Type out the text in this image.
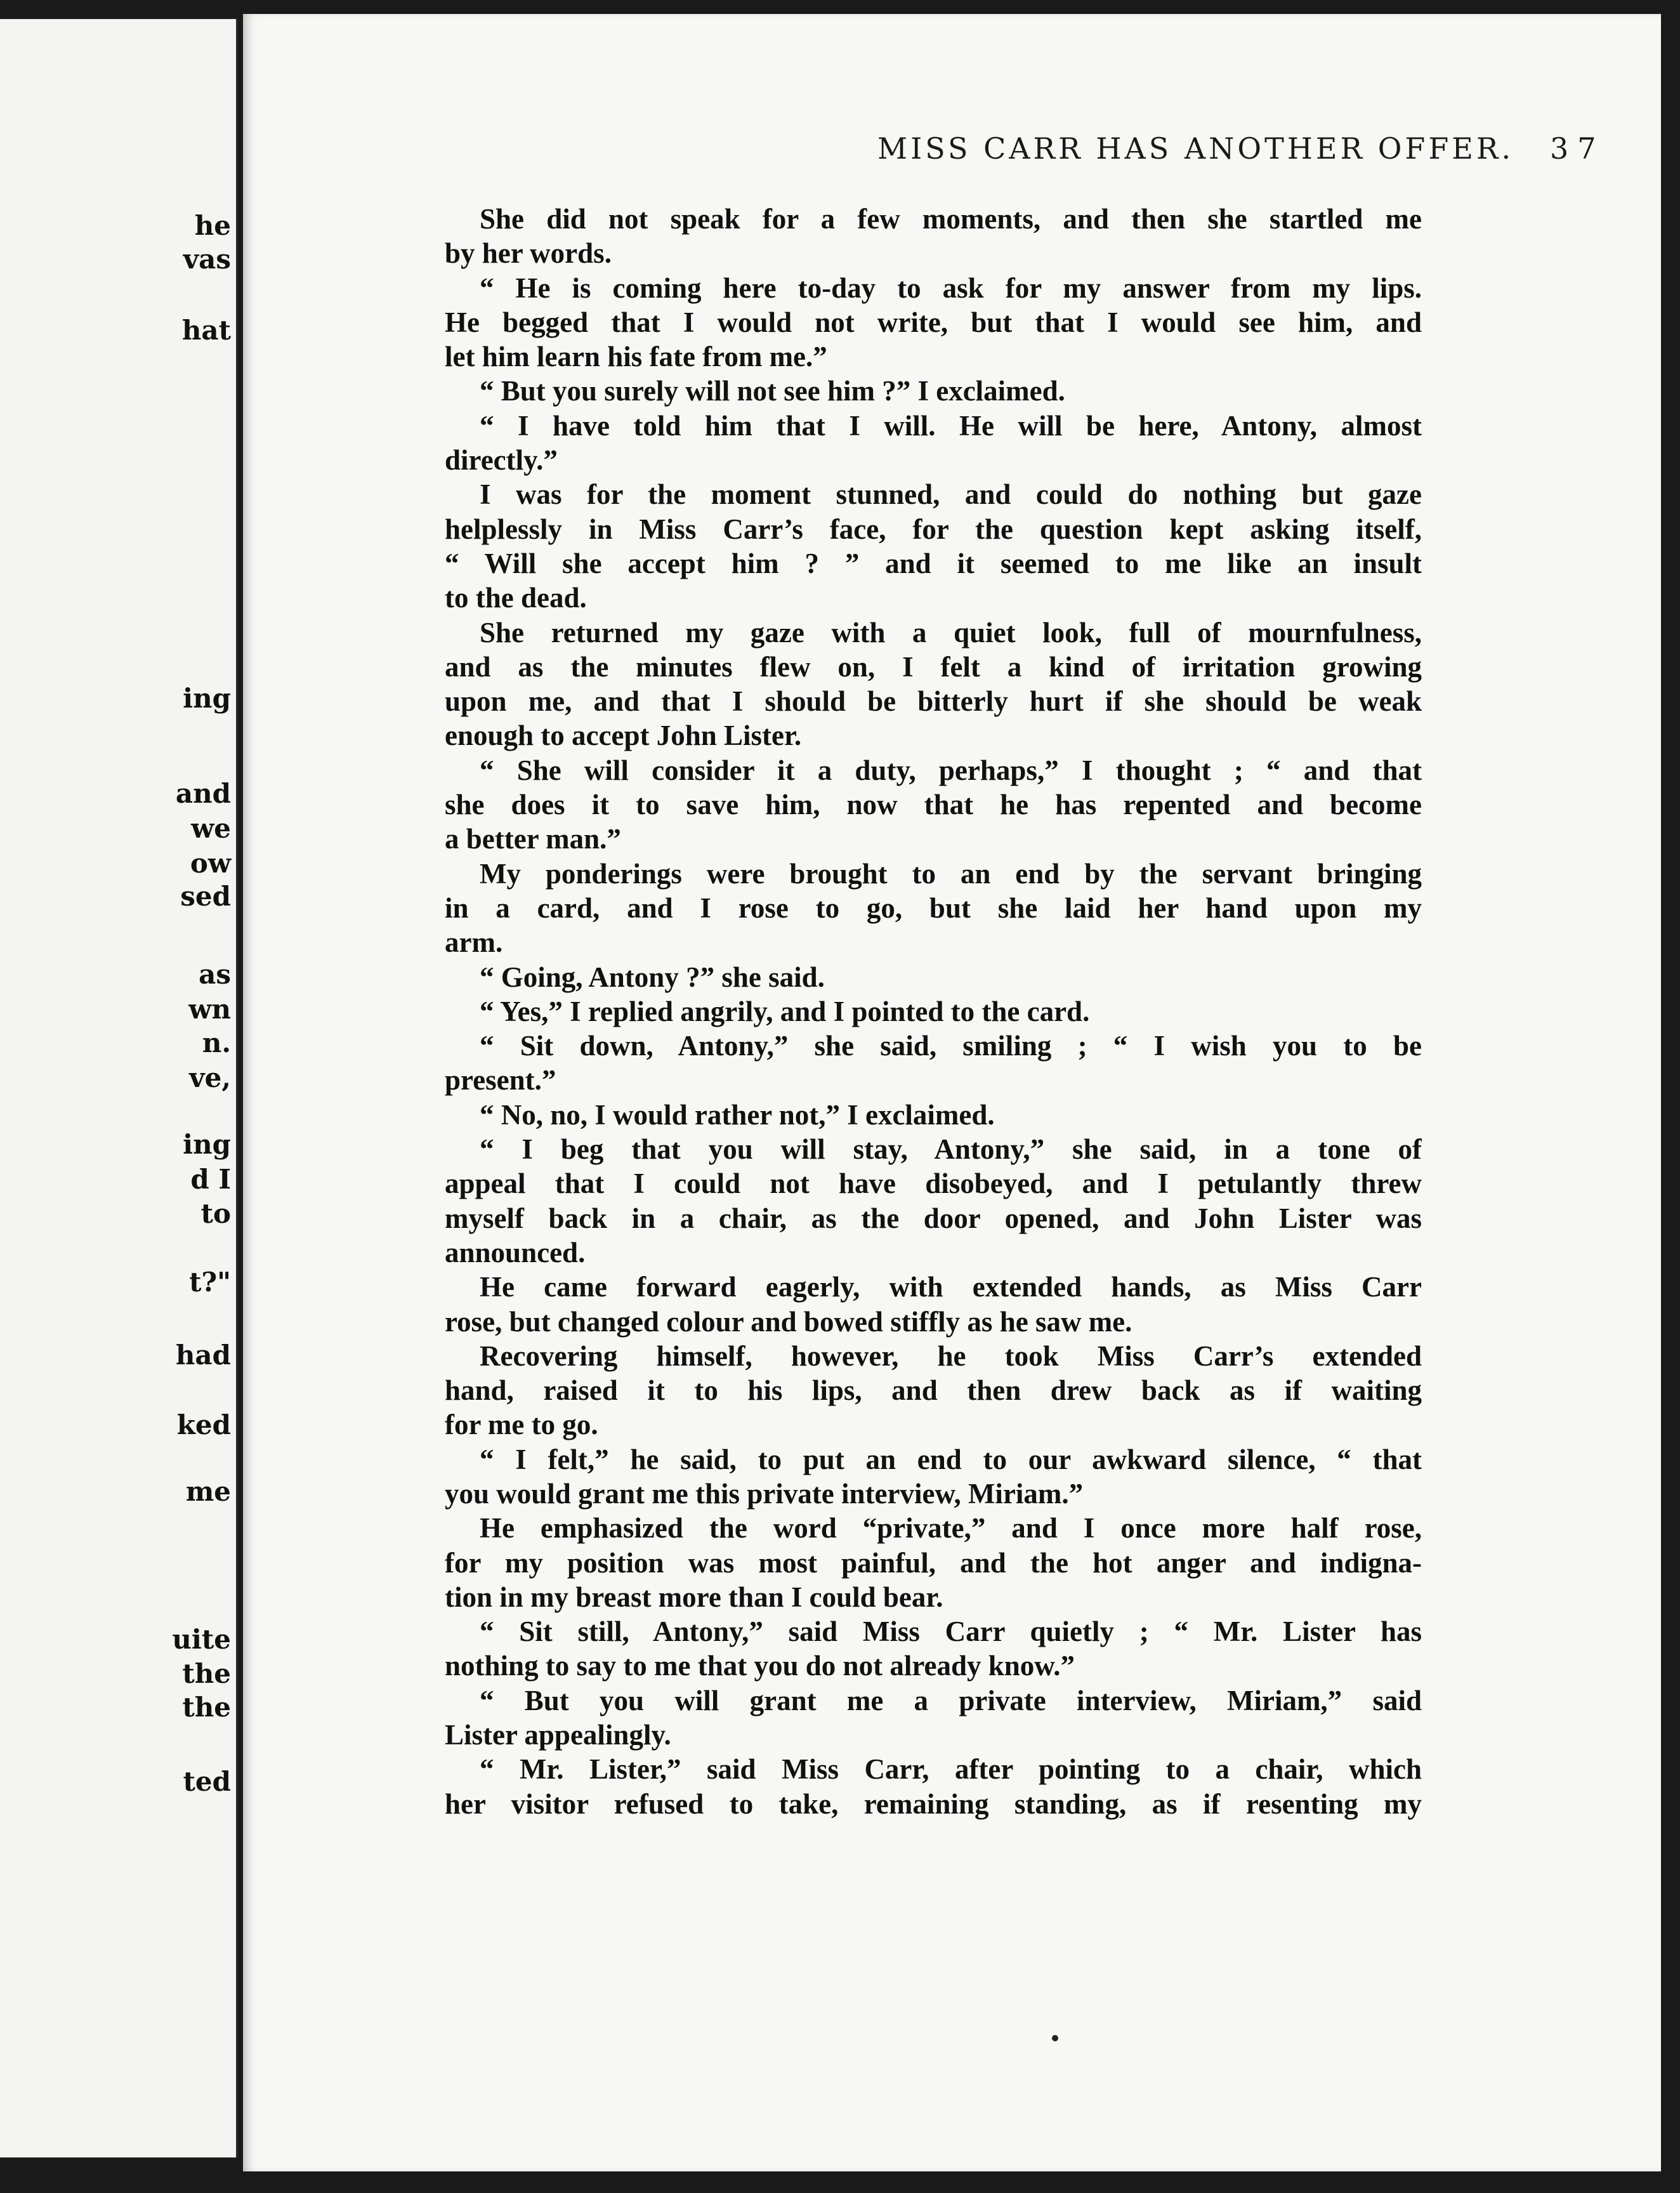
he
vas
hat
ing
and
we
ow
sed
as
wn
n.
ve,
ing
d I
to
t?"
had
ked
me
uite
the
the
ted
MISS CARR HAS ANOTHER OFFER. 37
She did not speak for a few moments, and then she startled me
by her words.
“ He is coming here to-day to ask for my answer from my lips.
He begged that I would not write, but that I would see him, and
let him learn his fate from me.”
“ But you surely will not see him ?” I exclaimed.
“ I have told him that I will. He will be here, Antony, almost
directly.”
I was for the moment stunned, and could do nothing but gaze
helplessly in Miss Carr’s face, for the question kept asking itself,
“ Will she accept him ? ” and it seemed to me like an insult
to the dead.
She returned my gaze with a quiet look, full of mournfulness,
and as the minutes flew on, I felt a kind of irritation growing
upon me, and that I should be bitterly hurt if she should be weak
enough to accept John Lister.
“ She will consider it a duty, perhaps,” I thought ; “ and that
she does it to save him, now that he has repented and become
a better man.”
My ponderings were brought to an end by the servant bringing
in a card, and I rose to go, but she laid her hand upon my
arm.
“ Going, Antony ?” she said.
“ Yes,” I replied angrily, and I pointed to the card.
“ Sit down, Antony,” she said, smiling ; “ I wish you to be
present.”
“ No, no, I would rather not,” I exclaimed.
“ I beg that you will stay, Antony,” she said, in a tone of
appeal that I could not have disobeyed, and I petulantly threw
myself back in a chair, as the door opened, and John Lister was
announced.
He came forward eagerly, with extended hands, as Miss Carr
rose, but changed colour and bowed stiffly as he saw me.
Recovering himself, however, he took Miss Carr’s extended
hand, raised it to his lips, and then drew back as if waiting
for me to go.
“ I felt,” he said, to put an end to our awkward silence, “ that
you would grant me this private interview, Miriam.”
He emphasized the word “private,” and I once more half rose,
for my position was most painful, and the hot anger and indigna-
tion in my breast more than I could bear.
“ Sit still, Antony,” said Miss Carr quietly ; “ Mr. Lister has
nothing to say to me that you do not already know.”
“ But you will grant me a private interview, Miriam,” said
Lister appealingly.
“ Mr. Lister,” said Miss Carr, after pointing to a chair, which
her visitor refused to take, remaining standing, as if resenting my
